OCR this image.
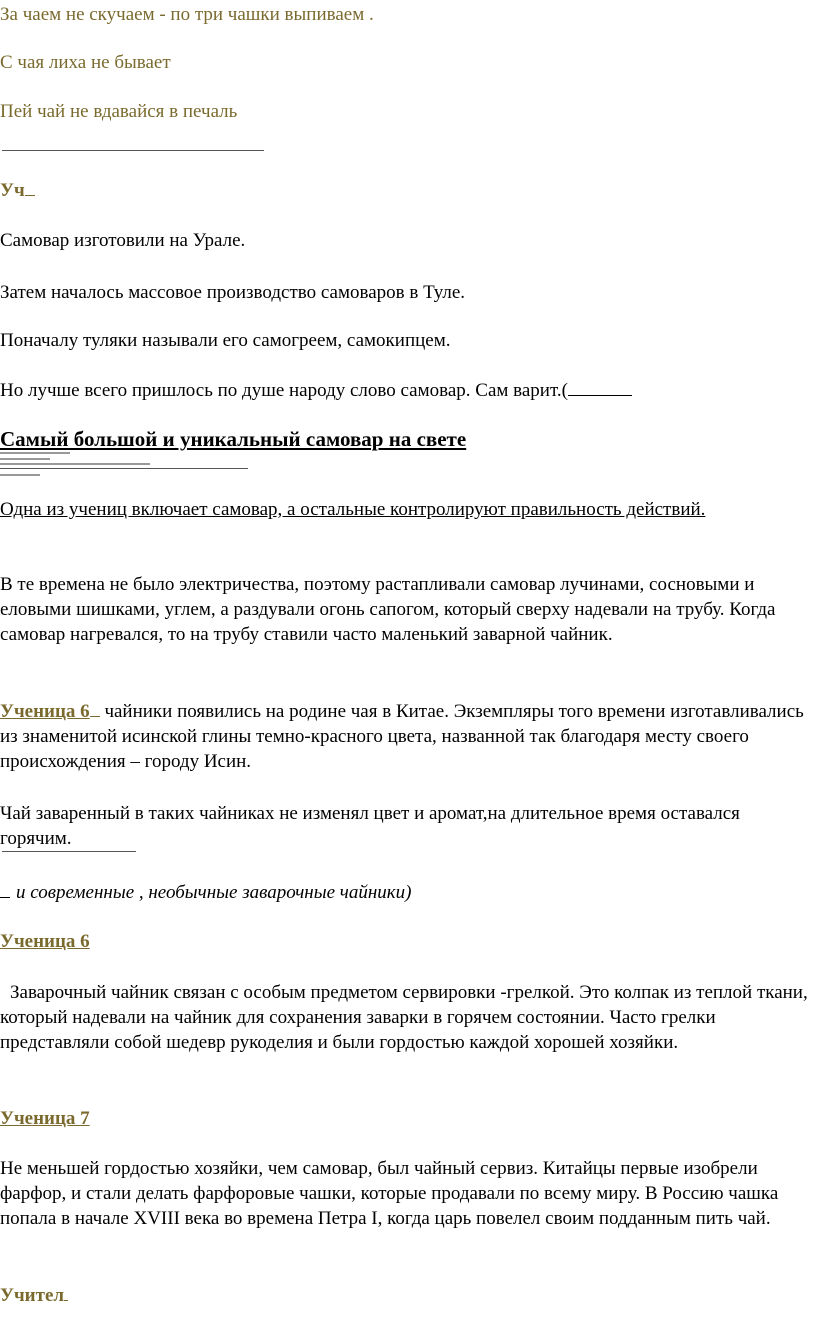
За чаем не скучаем - по три чашки выпиваем .
С чая лиха не бывает
Пей чай не вдавайся в печаль
Уч
Самовар изготовили на Урале.
Затем началось массовое производство самоваров в Туле.
Поначалу туляки называли его самогреем, самокипцем.
Но лучше всего пришлось по душе народу слово самовар. Сам варит.(
Самый большой и уникальный самовар на свете
Одна из учениц включает самовар, а остальные контролируют правильность действий.
В те времена не было электричества, поэтому растапливали самовар лучинами, сосновыми и еловыми шишками, углем, а раздували огонь сапогом, который сверху надевали на трубу. Когда самовар нагревался, то на трубу ставили часто маленький заварной чайник.
Ученица 6 чайники появились на родине чая в Китае. Экземпляры того времени изготавливались из знаменитой исинской глины темно-красного цвета, названной так благодаря месту своего происхождения – городу Исин.
Чай заваренный в таких чайниках не изменял цвет и аромат,на длительное время оставался горячим.
и современные , необычные заварочные чайники)
Ученица 6
Заварочный чайник связан с особым предметом сервировки -грелкой. Это колпак из теплой ткани, который надевали на чайник для сохранения заварки в горячем состоянии. Часто грелки представляли собой шедевр рукоделия и были гордостью каждой хорошей хозяйки.
Ученица 7
Не меньшей гордостью хозяйки, чем самовар, был чайный сервиз. Китайцы первые изобрели фарфор, и стали делать фарфоровые чашки, которые продавали по всему миру. В Россию чашка попала в начале XVIII века во времена Петра I, когда царь повелел своим подданным пить чай.
Учител
